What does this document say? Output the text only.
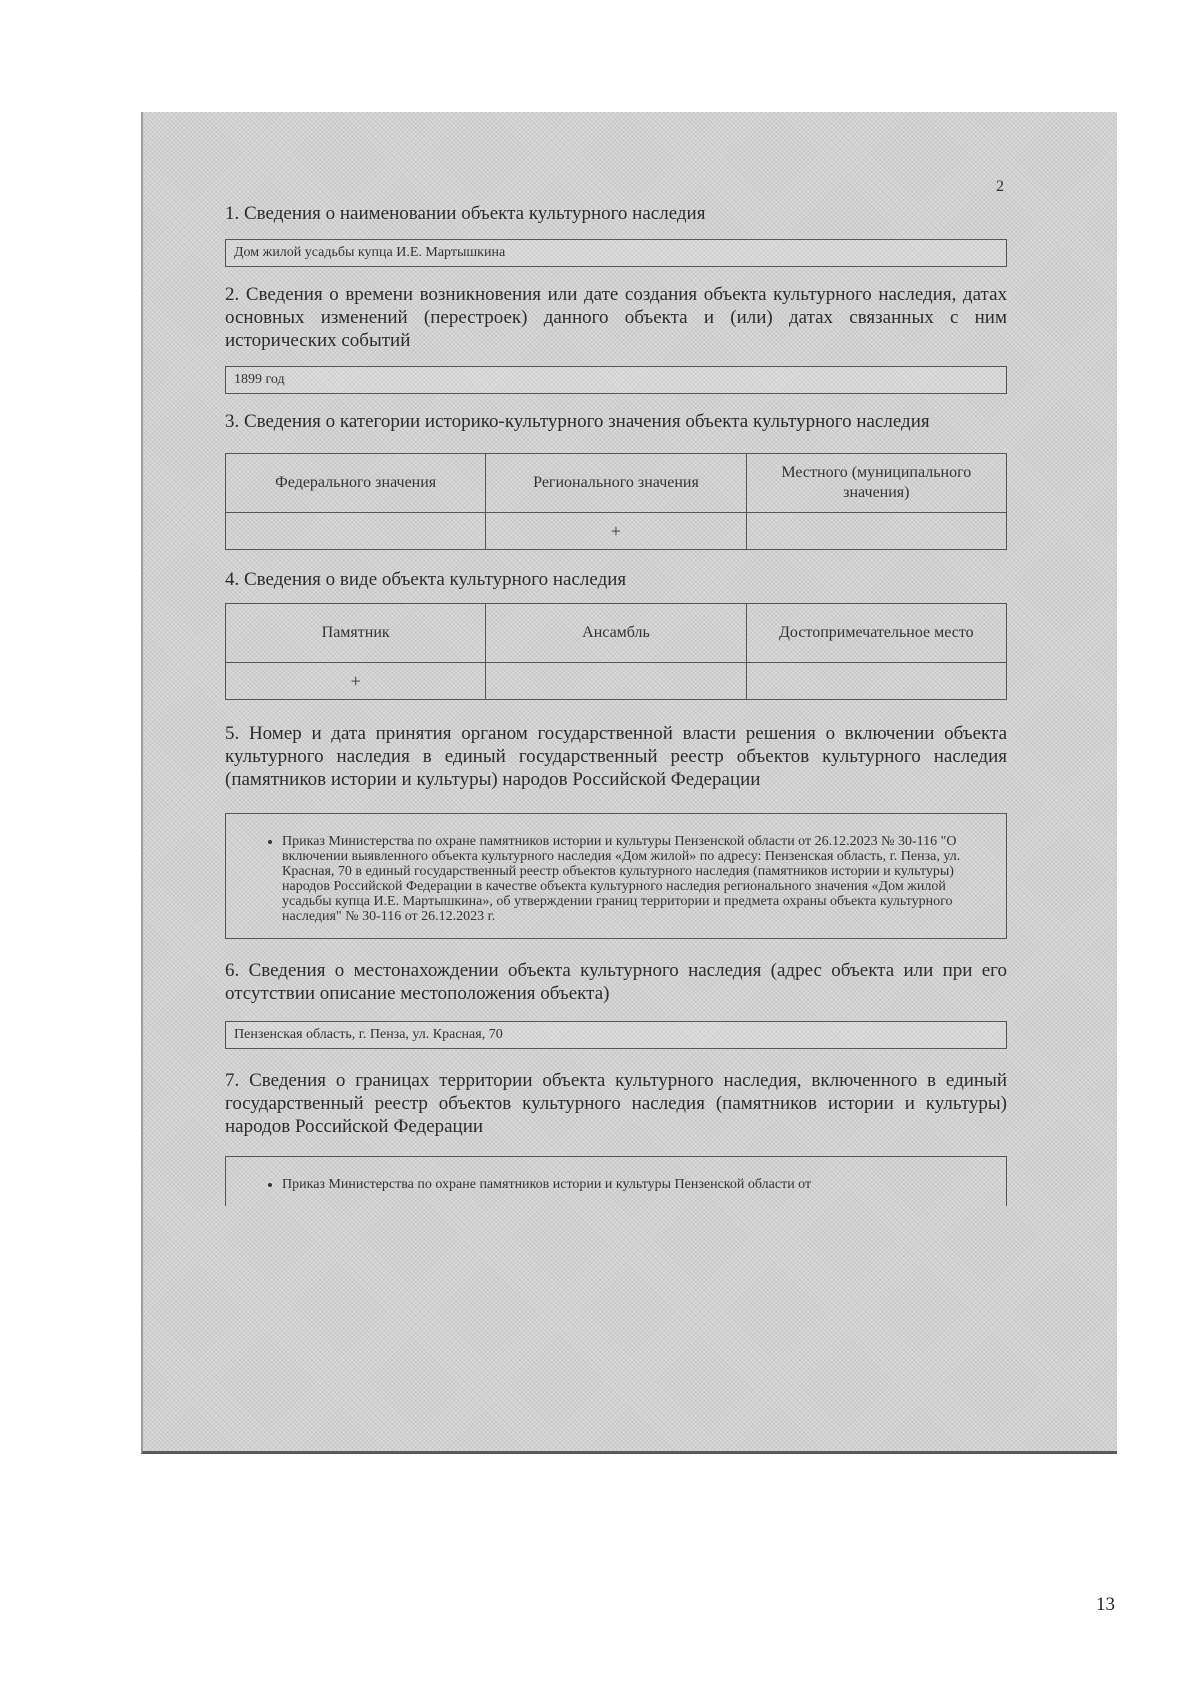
2

1. Сведения о наименовании объекта культурного наследия

Дом жилой усадьбы купца И.Е. Мартышкина

2. Сведения о времени возникновения или дате создания объекта культурного наследия, датах основных изменений (перестроек) данного объекта и (или) датах связанных с ним исторических событий

1899 год

3. Сведения о категории историко-культурного значения объекта культурного наследия

Федерального значения	Регионального значения	Местного (муниципального значения)
	+	

4. Сведения о виде объекта культурного наследия

Памятник	Ансамбль	Достопримечательное место
+		

5. Номер и дата принятия органом государственной власти решения о включении объекта культурного наследия в единый государственный реестр объектов культурного наследия (памятников истории и культуры) народов Российской Федерации

• Приказ Министерства по охране памятников истории и культуры Пензенской области от 26.12.2023 № 30-116 "О включении выявленного объекта культурного наследия «Дом жилой» по адресу: Пензенская область, г. Пенза, ул. Красная, 70 в единый государственный реестр объектов культурного наследия (памятников истории и культуры) народов Российской Федерации в качестве объекта культурного наследия регионального значения «Дом жилой усадьбы купца И.Е. Мартышкина», об утверждении границ территории и предмета охраны объекта культурного наследия" № 30-116 от 26.12.2023 г.

6. Сведения о местонахождении объекта культурного наследия (адрес объекта или при его отсутствии описание местоположения объекта)

Пензенская область, г. Пенза, ул. Красная, 70

7. Сведения о границах территории объекта культурного наследия, включенного в единый государственный реестр объектов культурного наследия (памятников истории и культуры) народов Российской Федерации

• Приказ Министерства по охране памятников истории и культуры Пензенской области от
13
